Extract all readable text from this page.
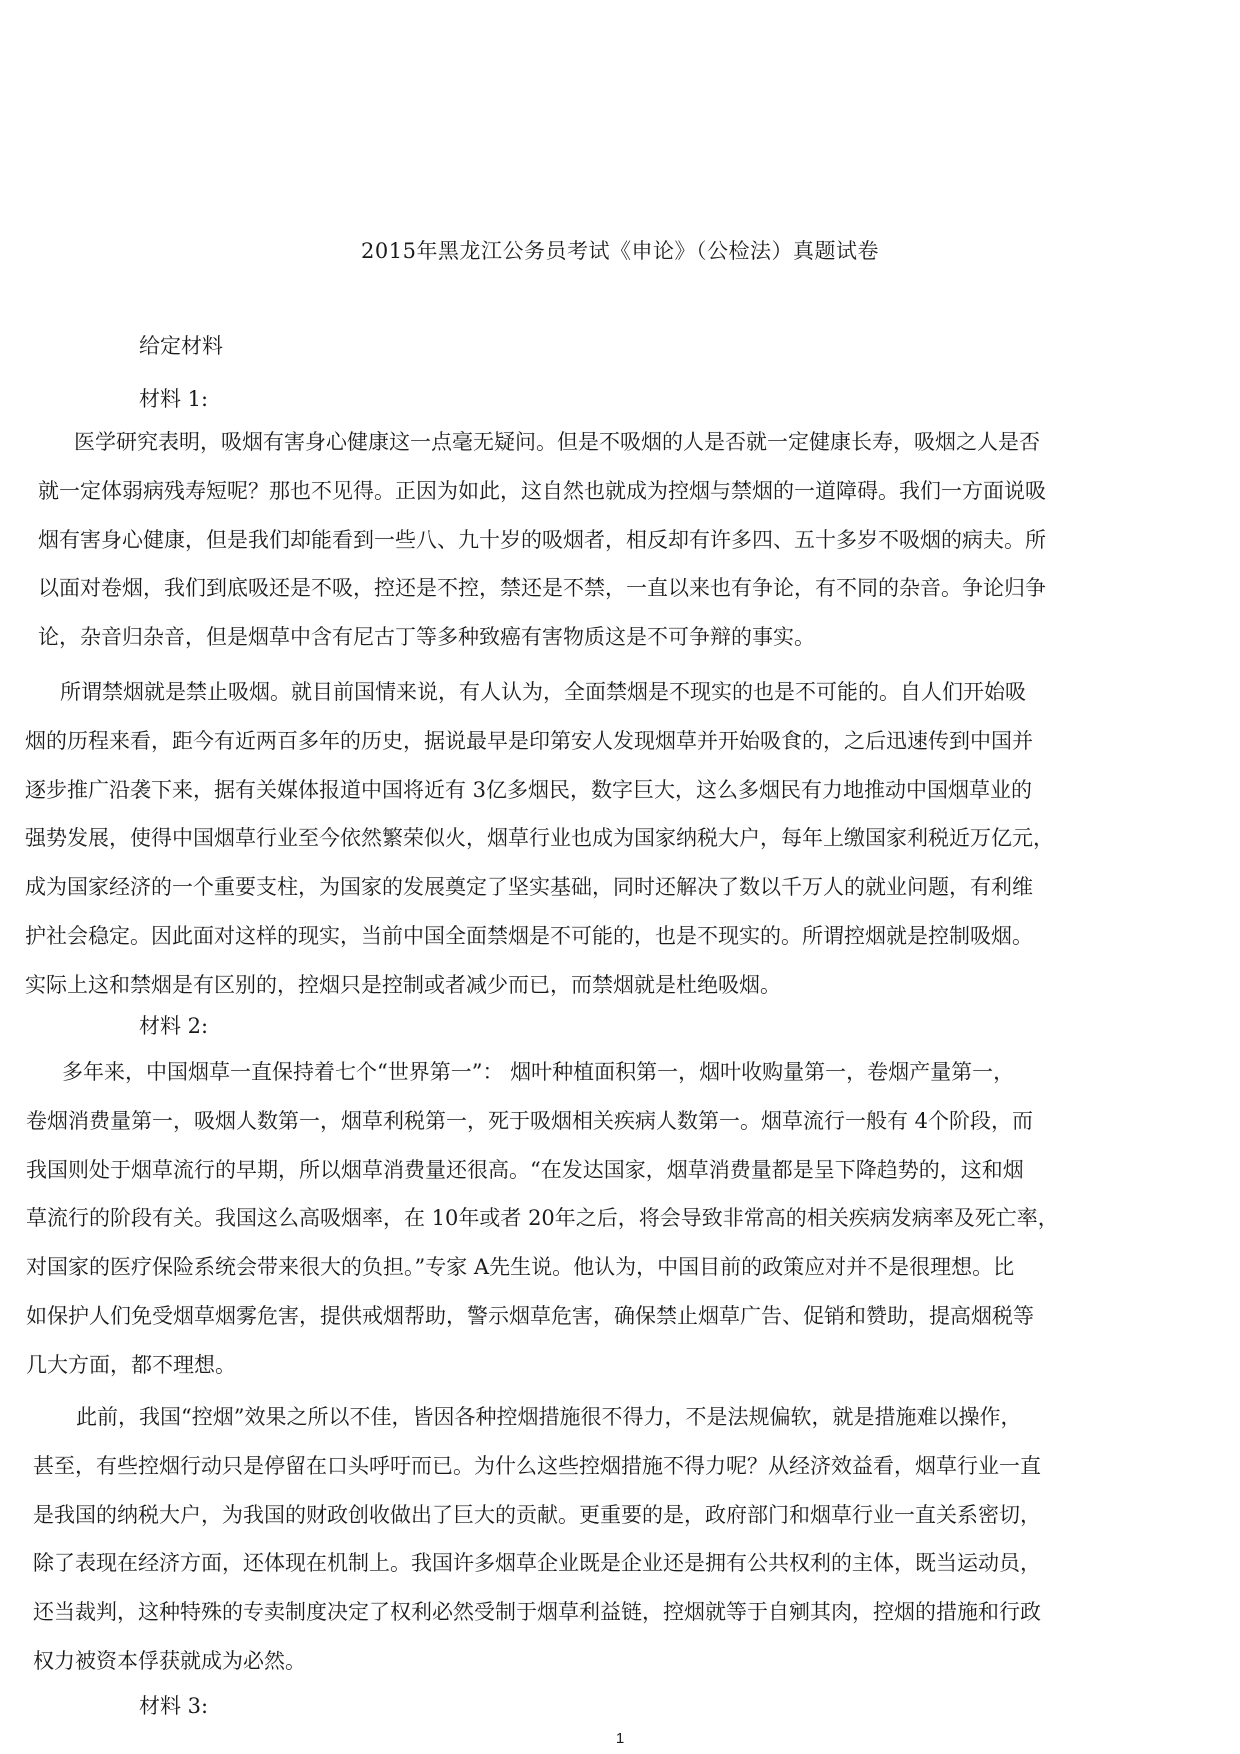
2015年黑龙江公务员考试《申论》（公检法）真题试卷
给定材料
材料 1:
医学研究表明，吸烟有害身心健康这一点毫无疑问。但是不吸烟的人是否就一定健康长寿，吸烟之人是否
就一定体弱病残寿短呢？那也不见得。正因为如此，这自然也就成为控烟与禁烟的一道障碍。我们一方面说吸
烟有害身心健康，但是我们却能看到一些八、九十岁的吸烟者，相反却有许多四、五十多岁不吸烟的病夫。所
以面对卷烟，我们到底吸还是不吸，控还是不控，禁还是不禁，一直以来也有争论，有不同的杂音。争论归争
论，杂音归杂音，但是烟草中含有尼古丁等多种致癌有害物质这是不可争辩的事实。
所谓禁烟就是禁止吸烟。就目前国情来说，有人认为，全面禁烟是不现实的也是不可能的。自人们开始吸
烟的历程来看，距今有近两百多年的历史，据说最早是印第安人发现烟草并开始吸食的，之后迅速传到中国并
逐步推广沿袭下来，据有关媒体报道中国将近有 3亿多烟民，数字巨大，这么多烟民有力地推动中国烟草业的
强势发展，使得中国烟草行业至今依然繁荣似火，烟草行业也成为国家纳税大户，每年上缴国家利税近万亿元，
成为国家经济的一个重要支柱，为国家的发展奠定了坚实基础，同时还解决了数以千万人的就业问题，有利维
护社会稳定。因此面对这样的现实，当前中国全面禁烟是不可能的，也是不现实的。所谓控烟就是控制吸烟。
实际上这和禁烟是有区别的，控烟只是控制或者减少而已，而禁烟就是杜绝吸烟。
材料 2:
多年来，中国烟草一直保持着七个“世界第一”： 烟叶种植面积第一，烟叶收购量第一，卷烟产量第一，
卷烟消费量第一，吸烟人数第一，烟草利税第一，死于吸烟相关疾病人数第一。烟草流行一般有 4个阶段，而
我国则处于烟草流行的早期，所以烟草消费量还很高。“在发达国家，烟草消费量都是呈下降趋势的，这和烟
草流行的阶段有关。我国这么高吸烟率，在 10年或者 20年之后，将会导致非常高的相关疾病发病率及死亡率，
对国家的医疗保险系统会带来很大的负担。”专家 A先生说。他认为，中国目前的政策应对并不是很理想。比
如保护人们免受烟草烟雾危害，提供戒烟帮助，警示烟草危害，确保禁止烟草广告、促销和赞助，提高烟税等
几大方面，都不理想。
此前，我国“控烟”效果之所以不佳，皆因各种控烟措施很不得力，不是法规偏软，就是措施难以操作，
甚至，有些控烟行动只是停留在口头呼吁而已。为什么这些控烟措施不得力呢？从经济效益看，烟草行业一直
是我国的纳税大户，为我国的财政创收做出了巨大的贡献。更重要的是，政府部门和烟草行业一直关系密切，
除了表现在经济方面，还体现在机制上。我国许多烟草企业既是企业还是拥有公共权利的主体，既当运动员，
还当裁判，这种特殊的专卖制度决定了权利必然受制于烟草利益链，控烟就等于自剜其肉，控烟的措施和行政
权力被资本俘获就成为必然。
材料 3:
1
